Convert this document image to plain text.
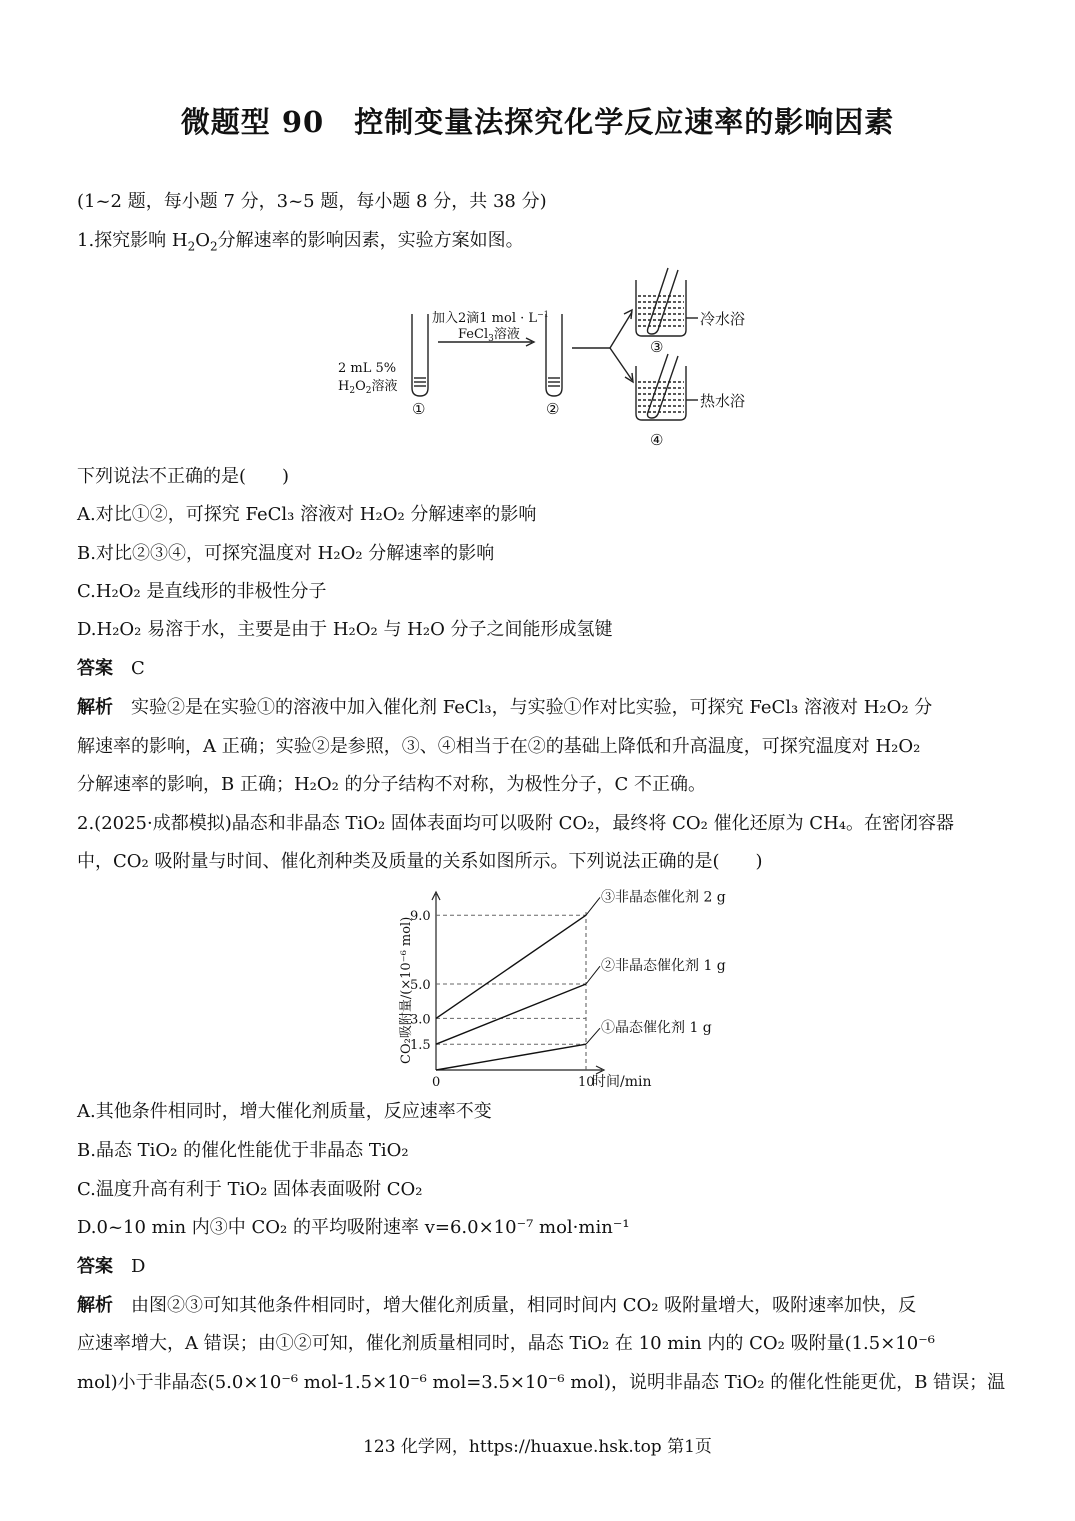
微题型 90　控制变量法探究化学反应速率的影响因素
(1~2 题，每小题 7 分，3~5 题，每小题 8 分，共 38 分)
1.探究影响 $H_2O_2$分解速率的影响因素，实验方案如图。
2 mL 5%
$H_2O_2$溶液
①
加入2滴1 mol · $L^{-1}$
FeCl$_3$溶液
②
冷水浴
③
热水浴
④
下列说法不正确的是(　　)
A.对比①②，可探究 FeCl₃ 溶液对 H₂O₂ 分解速率的影响
B.对比②③④，可探究温度对 H₂O₂ 分解速率的影响
C.H₂O₂ 是直线形的非极性分子
D.H₂O₂ 易溶于水，主要是由于 H₂O₂ 与 H₂O 分子之间能形成氢键
答案　 C
解析　 实验②是在实验①的溶液中加入催化剂 FeCl₃，与实验①作对比实验，可探究 FeCl₃ 溶液对 H₂O₂ 分
解速率的影响，A 正确；实验②是参照，③、④相当于在②的基础上降低和升高温度，可探究温度对 H₂O₂
分解速率的影响，B 正确；H₂O₂ 的分子结构不对称，为极性分子，C 不正确。
2.(2025·成都模拟)晶态和非晶态 TiO₂ 固体表面均可以吸附 CO₂，最终将 CO₂ 催化还原为 CH₄。在密闭容器
中，CO₂ 吸附量与时间、催化剂种类及质量的关系如图所示。下列说法正确的是(　　)
1.5
3.0
5.0
9.0
0	10
③非晶态催化剂 2 g
②非晶态催化剂 1 g
①晶态催化剂 1 g
CO₂吸附量/(×10⁻⁶ mol)
时间/min
A.其他条件相同时，增大催化剂质量，反应速率不变
B.晶态 TiO₂ 的催化性能优于非晶态 TiO₂
C.温度升高有利于 TiO₂ 固体表面吸附 CO₂
D.0~10 min 内③中 CO₂ 的平均吸附速率 v=6.0×10⁻⁷ mol·min⁻¹
答案　 D
解析　 由图②③可知其他条件相同时，增大催化剂质量，相同时间内 CO₂ 吸附量增大，吸附速率加快，反
应速率增大，A 错误；由①②可知，催化剂质量相同时，晶态 TiO₂ 在 10 min 内的 CO₂ 吸附量(1.5×10⁻⁶
mol)小于非晶态(5.0×10⁻⁶ mol-1.5×10⁻⁶ mol=3.5×10⁻⁶ mol)，说明非晶态 TiO₂ 的催化性能更优，B 错误；温
123 化学网，https://huaxue.hsk.top 第1页
